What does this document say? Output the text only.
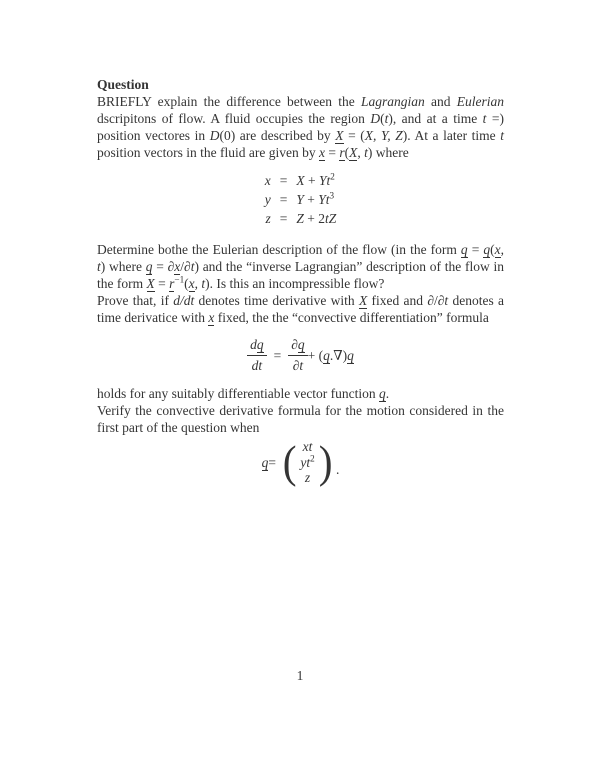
Question

BRIEFLY explain the difference between the Lagrangian and Eulerian dscripitons of flow. A fluid occupies the region D(t), and at a time t =) position vectores in D(0) are described by X = (X, Y, Z). At a later time t position vectors in the fluid are given by x = r(X, t) where

$x = X + Yt^2$
$y = Y + Yt^3$
z = Z + 2tZ

Determine bothe the Eulerian description of the flow (in the form q = q(x, t) where q = ∂x/∂t) and the “inverse Lagrangian” description of the flow in the form $X = r^{-1}(x$, t). Is this an incompressible flow?
Prove that, if d/dt denotes time derivative with X fixed and ∂/∂t denotes a time derivatice with x fixed, the the “convective differentiation” formula

$\frac{dq}{dt} = \frac{\partial q}{\partial t} + (q.\nabla)q$

holds for any suitably differentiable vector function q.
Verify the convective derivative formula for the motion considered in the first part of the question when

q = ( xt
$yt^2$
z ) .
1
